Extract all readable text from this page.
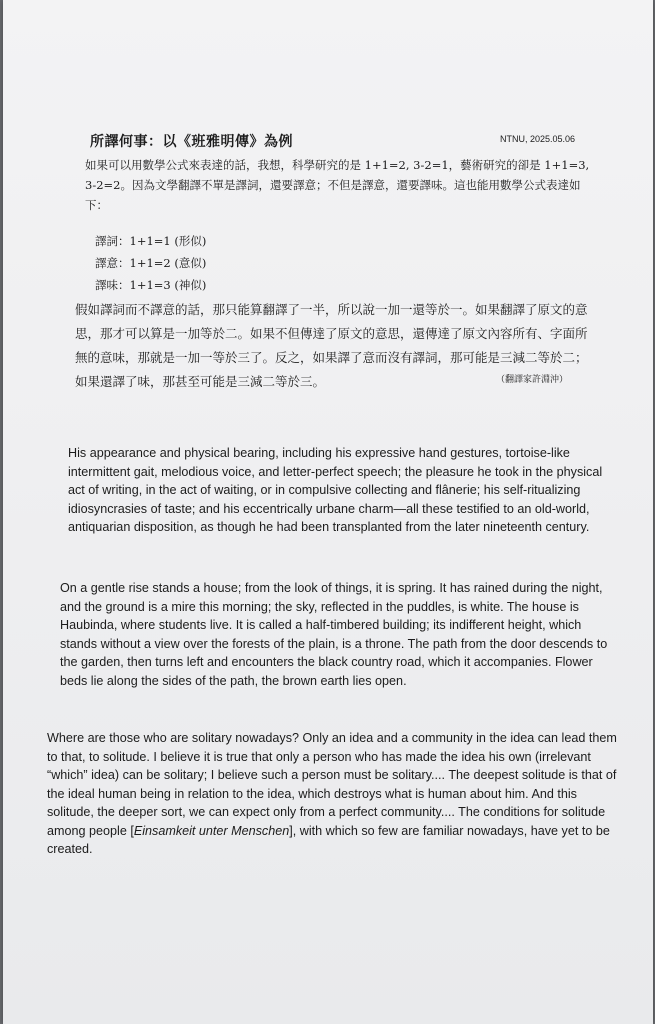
所譯何事：以《班雅明傳》為例	NTNU, 2025.05.06
如果可以用數學公式來表達的話，我想，科學研究的是 1+1=2, 3-2=1，藝術研究的卻是 1+1=3, 3-2=2。因為文學翻譯不單是譯詞，還要譯意；不但是譯意，還要譯味。這也能用數學公式表達如下：
譯詞：1+1=1 (形似)
譯意：1+1=2 (意似)
譯味：1+1=3 (神似)
假如譯詞而不譯意的話，那只能算翻譯了一半，所以說一加一還等於一。如果翻譯了原文的意思，那才可以算是一加等於二。如果不但傳達了原文的意思，還傳達了原文內容所有、字面所無的意味，那就是一加一等於三了。反之，如果譯了意而沒有譯詞，那可能是三減二等於二；如果還譯了味，那甚至可能是三減二等於三。	（翻譯家許淵沖）
His appearance and physical bearing, including his expressive hand gestures, tortoise-like intermittent gait, melodious voice, and letter-perfect speech; the pleasure he took in the physical act of writing, in the act of waiting, or in compulsive collecting and flânerie; his self-ritualizing idiosyncrasies of taste; and his eccentrically urbane charm—all these testified to an old-world, antiquarian disposition, as though he had been transplanted from the later nineteenth century.
On a gentle rise stands a house; from the look of things, it is spring. It has rained during the night, and the ground is a mire this morning; the sky, reflected in the puddles, is white. The house is Haubinda, where students live. It is called a half-timbered building; its indifferent height, which stands without a view over the forests of the plain, is a throne. The path from the door descends to the garden, then turns left and encounters the black country road, which it accompanies. Flower beds lie along the sides of the path, the brown earth lies open.
Where are those who are solitary nowadays? Only an idea and a community in the idea can lead them to that, to solitude. I believe it is true that only a person who has made the idea his own (irrelevant “which” idea) can be solitary; I believe such a person must be solitary.... The deepest solitude is that of the ideal human being in relation to the idea, which destroys what is human about him. And this solitude, the deeper sort, we can expect only from a perfect community.... The conditions for solitude among people [Einsamkeit unter Menschen], with which so few are familiar nowadays, have yet to be created.
